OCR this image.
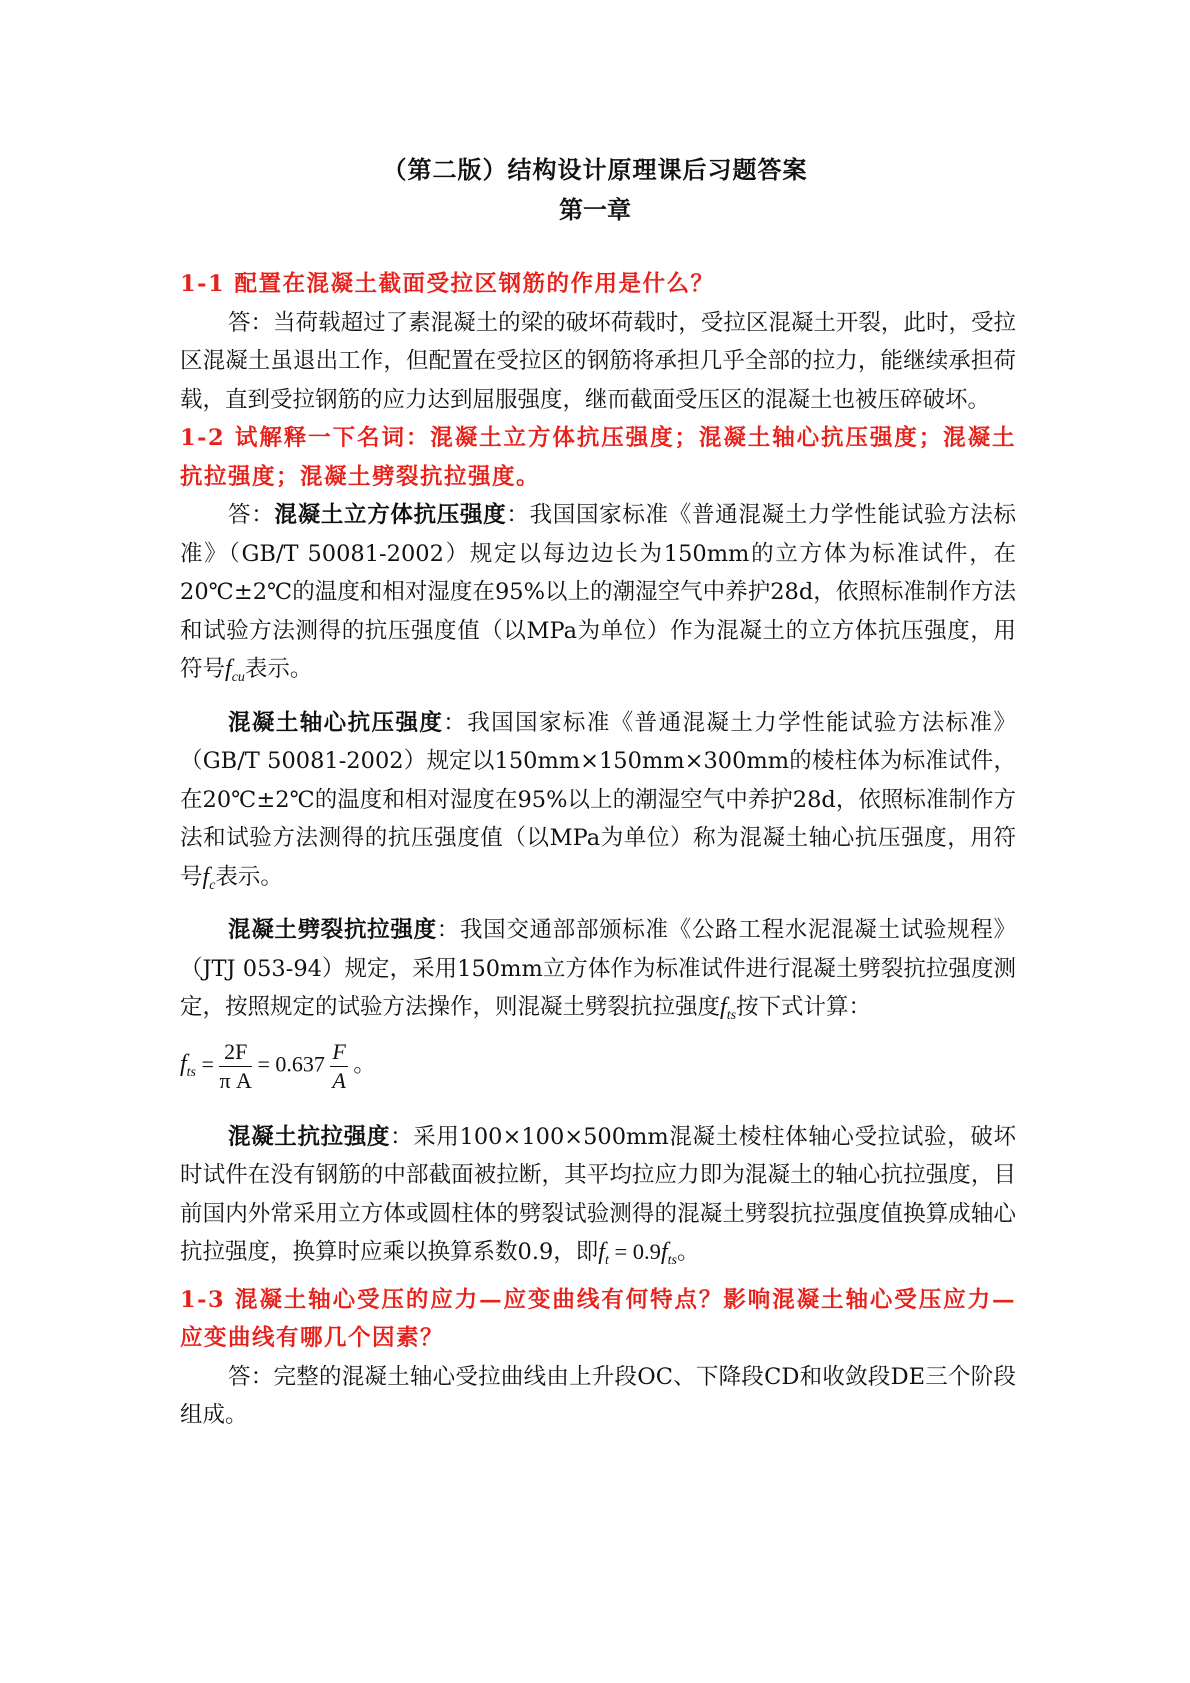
（第二版）结构设计原理课后习题答案
第一章

1-1 配置在混凝土截面受拉区钢筋的作用是什么？

答：当荷载超过了素混凝土的梁的破坏荷载时，受拉区混凝土开裂，此时，受拉区混凝土虽退出工作，但配置在受拉区的钢筋将承担几乎全部的拉力，能继续承担荷载，直到受拉钢筋的应力达到屈服强度，继而截面受压区的混凝土也被压碎破坏。

1-2 试解释一下名词：混凝土立方体抗压强度；混凝土轴心抗压强度；混凝土抗拉强度；混凝土劈裂抗拉强度。

答：混凝土立方体抗压强度：我国国家标准《普通混凝土力学性能试验方法标准》（GB/T 50081-2002）规定以每边边长为150mm的立方体为标准试件，在20℃±2℃的温度和相对湿度在95%以上的潮湿空气中养护28d，依照标准制作方法和试验方法测得的抗压强度值（以MPa为单位）作为混凝土的立方体抗压强度，用符号$f_{cu}$表示。

混凝土轴心抗压强度：我国国家标准《普通混凝土力学性能试验方法标准》（GB/T 50081-2002）规定以150mm×150mm×300mm的棱柱体为标准试件，在20℃±2℃的温度和相对湿度在95%以上的潮湿空气中养护28d，依照标准制作方法和试验方法测得的抗压强度值（以MPa为单位）称为混凝土轴心抗压强度，用符号$f_c$表示。

混凝土劈裂抗拉强度：我国交通部部颁标准《公路工程水泥混凝土试验规程》（JTJ 053-94）规定，采用150mm立方体作为标准试件进行混凝土劈裂抗拉强度测定，按照规定的试验方法操作，则混凝土劈裂抗拉强度$f_{ts}$按下式计算：

$f_{ts} = \frac{2F}{\text{π A}} = 0.637 \frac{F}{A}$ 。

混凝土抗拉强度：采用100×100×500mm混凝土棱柱体轴心受拉试验，破坏时试件在没有钢筋的中部截面被拉断，其平均拉应力即为混凝土的轴心抗拉强度，目前国内外常采用立方体或圆柱体的劈裂试验测得的混凝土劈裂抗拉强度值换算成轴心抗拉强度，换算时应乘以换算系数0.9，即$f_t = 0.9f_{ts}$。

1-3 混凝土轴心受压的应力—应变曲线有何特点？影响混凝土轴心受压应力—应变曲线有哪几个因素？

答：完整的混凝土轴心受拉曲线由上升段OC、下降段CD和收敛段DE三个阶段组成。
